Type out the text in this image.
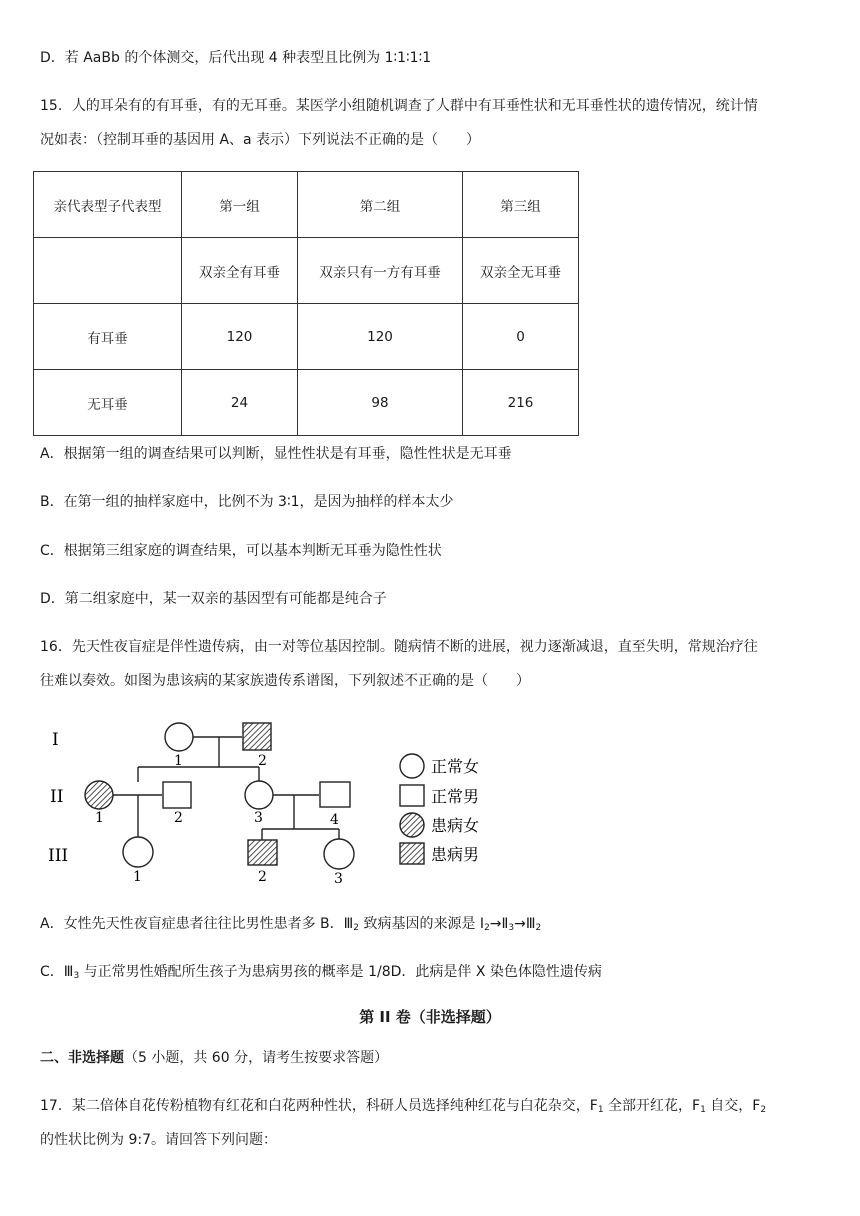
D．若 AaBb 的个体测交，后代出现 4 种表型且比例为 1∶1∶1∶1
15．人的耳朵有的有耳垂，有的无耳垂。某医学小组随机调查了人群中有耳垂性状和无耳垂性状的遗传情况，统计情
况如表：（控制耳垂的基因用 A、a 表示）下列说法不正确的是（　　）
亲代表型子代表型	第一组	第二组	第三组
	双亲全有耳垂	双亲只有一方有耳垂	双亲全无耳垂
有耳垂	120	120	0
无耳垂	24	98	216
A．根据第一组的调查结果可以判断，显性性状是有耳垂，隐性性状是无耳垂
B．在第一组的抽样家庭中，比例不为 3∶1，是因为抽样的样本太少
C．根据第三组家庭的调查结果，可以基本判断无耳垂为隐性性状
D．第二组家庭中，某一双亲的基因型有可能都是纯合子
16．先天性夜盲症是伴性遗传病，由一对等位基因控制。随病情不断的进展，视力逐渐减退，直至失明，常规治疗往
往难以奏效。如图为患该病的某家族遗传系谱图，下列叙述不正确的是（　　）
I
II
III
1	2
1	2	3	4
1	2	3
正常女
正常男
患病女
患病男
A．女性先天性夜盲症患者往往比男性患者多 B．$Ⅲ_2$ 致病基因的来源是 $I_2\to Ⅱ_3\to Ⅲ_2$
C．$Ⅲ_3$ 与正常男性婚配所生孩子为患病男孩的概率是 1/8D．此病是伴 X 染色体隐性遗传病
第 II 卷（非选择题）
二、非选择题（5 小题，共 60 分，请考生按要求答题）
17．某二倍体自花传粉植物有红花和白花两种性状，科研人员选择纯种红花与白花杂交，$F_1$ 全部开红花，$F_1$ 自交，$F_2$
的性状比例为 9:7。请回答下列问题：
